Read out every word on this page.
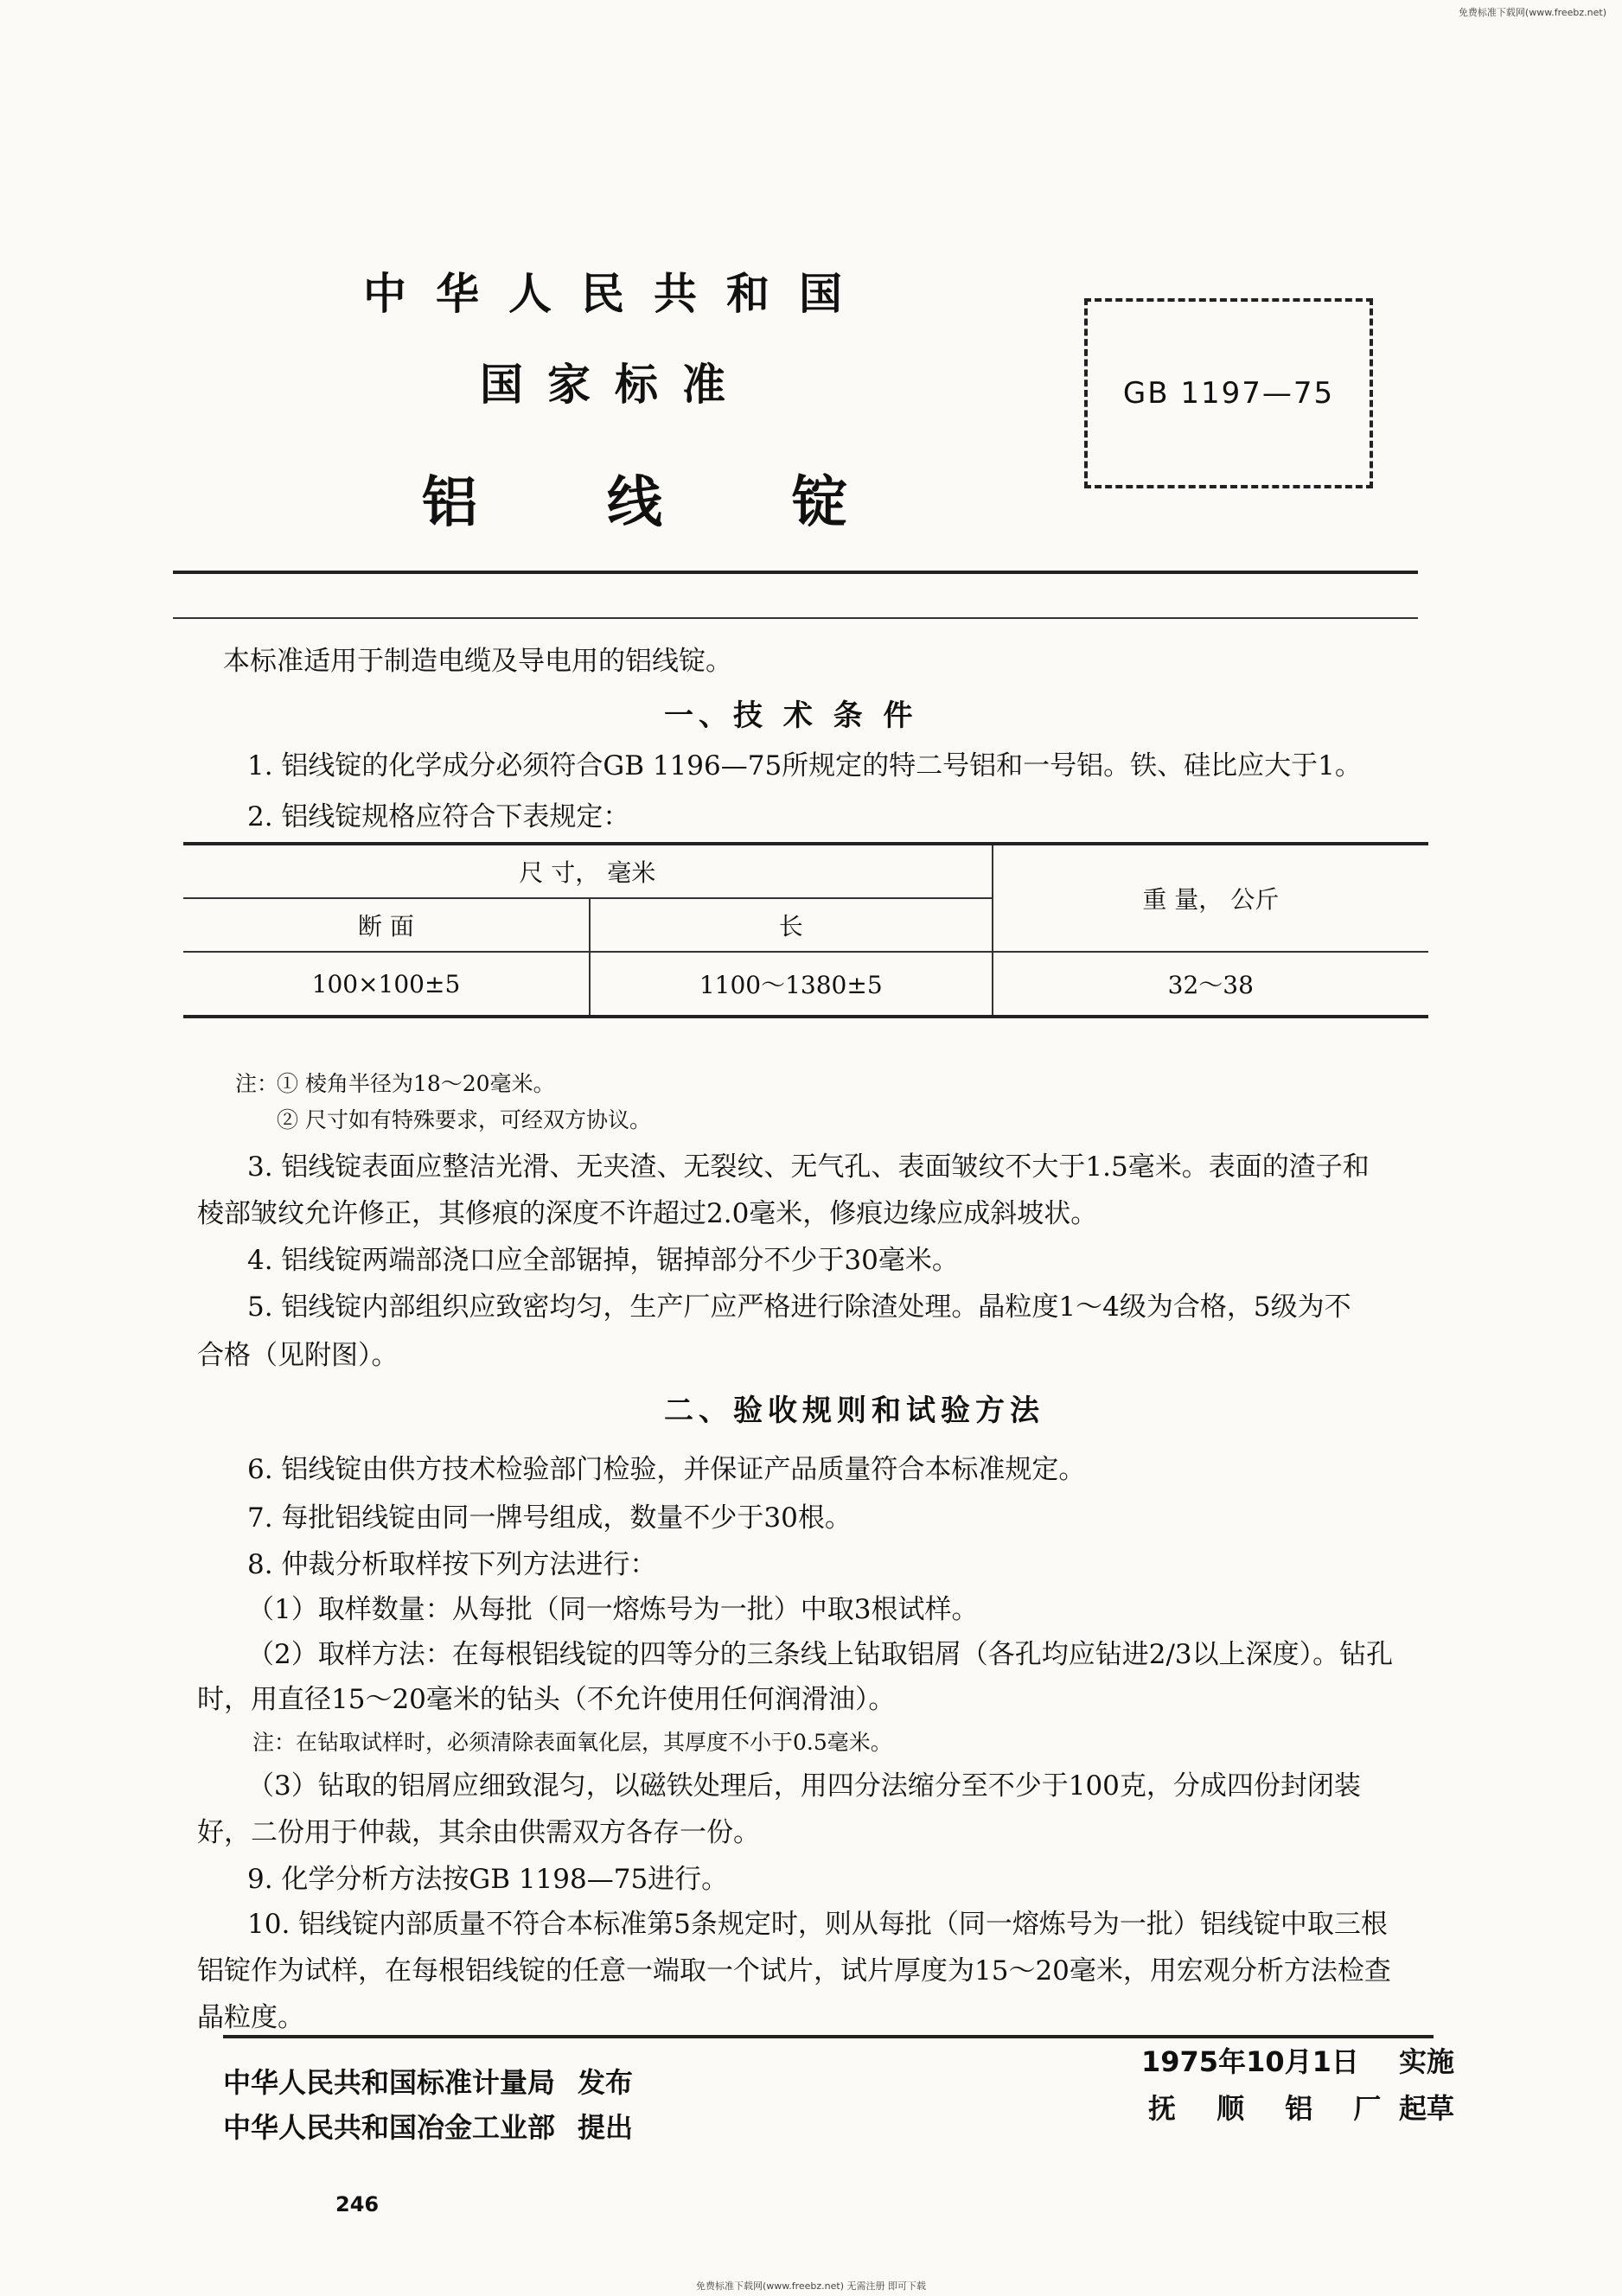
免费标准下载网(www.freebz.net)
中华人民共和国
国家标准
铝线锭
GB 1197—75
本标准适用于制造电缆及导电用的铝线锭。
一、技 术 条 件
1. 铝线锭的化学成分必须符合GB 1196—75所规定的特二号铝和一号铝。铁、硅比应大于1。
2. 铝线锭规格应符合下表规定：
尺 寸， 毫米		重 量， 公斤
断 面	长	
100×100±5	1100～1380±5	32～38
注：
① 棱角半径为18～20毫米。
② 尺寸如有特殊要求，可经双方协议。
3. 铝线锭表面应整洁光滑、无夹渣、无裂纹、无气孔、表面皱纹不大于1.5毫米。表面的渣子和
棱部皱纹允许修正，其修痕的深度不许超过2.0毫米，修痕边缘应成斜坡状。
4. 铝线锭两端部浇口应全部锯掉，锯掉部分不少于30毫米。
5. 铝线锭内部组织应致密均匀，生产厂应严格进行除渣处理。晶粒度1～4级为合格，5级为不
合格（见附图）。
二、验收规则和试验方法
6. 铝线锭由供方技术检验部门检验，并保证产品质量符合本标准规定。
7. 每批铝线锭由同一牌号组成，数量不少于30根。
8. 仲裁分析取样按下列方法进行：
（1）取样数量：从每批（同一熔炼号为一批）中取3根试样。
（2）取样方法：在每根铝线锭的四等分的三条线上钻取铝屑（各孔均应钻进2/3以上深度）。钻孔
时，用直径15～20毫米的钻头（不允许使用任何润滑油）。
注：在钻取试样时，必须清除表面氧化层，其厚度不小于0.5毫米。
（3）钻取的铝屑应细致混匀，以磁铁处理后，用四分法缩分至不少于100克，分成四份封闭装
好，二份用于仲裁，其余由供需双方各存一份。
9. 化学分析方法按GB 1198—75进行。
10. 铝线锭内部质量不符合本标准第5条规定时，则从每批（同一熔炼号为一批）铝线锭中取三根
铝锭作为试样，在每根铝线锭的任意一端取一个试片，试片厚度为15～20毫米，用宏观分析方法检查
晶粒度。
中华人民共和国标准计量局 发布
中华人民共和国冶金工业部 提出
1975年10月1日 实施
抚 顺 铝 厂 起草
246
免费标准下载网(www.freebz.net) 无需注册 即可下载
